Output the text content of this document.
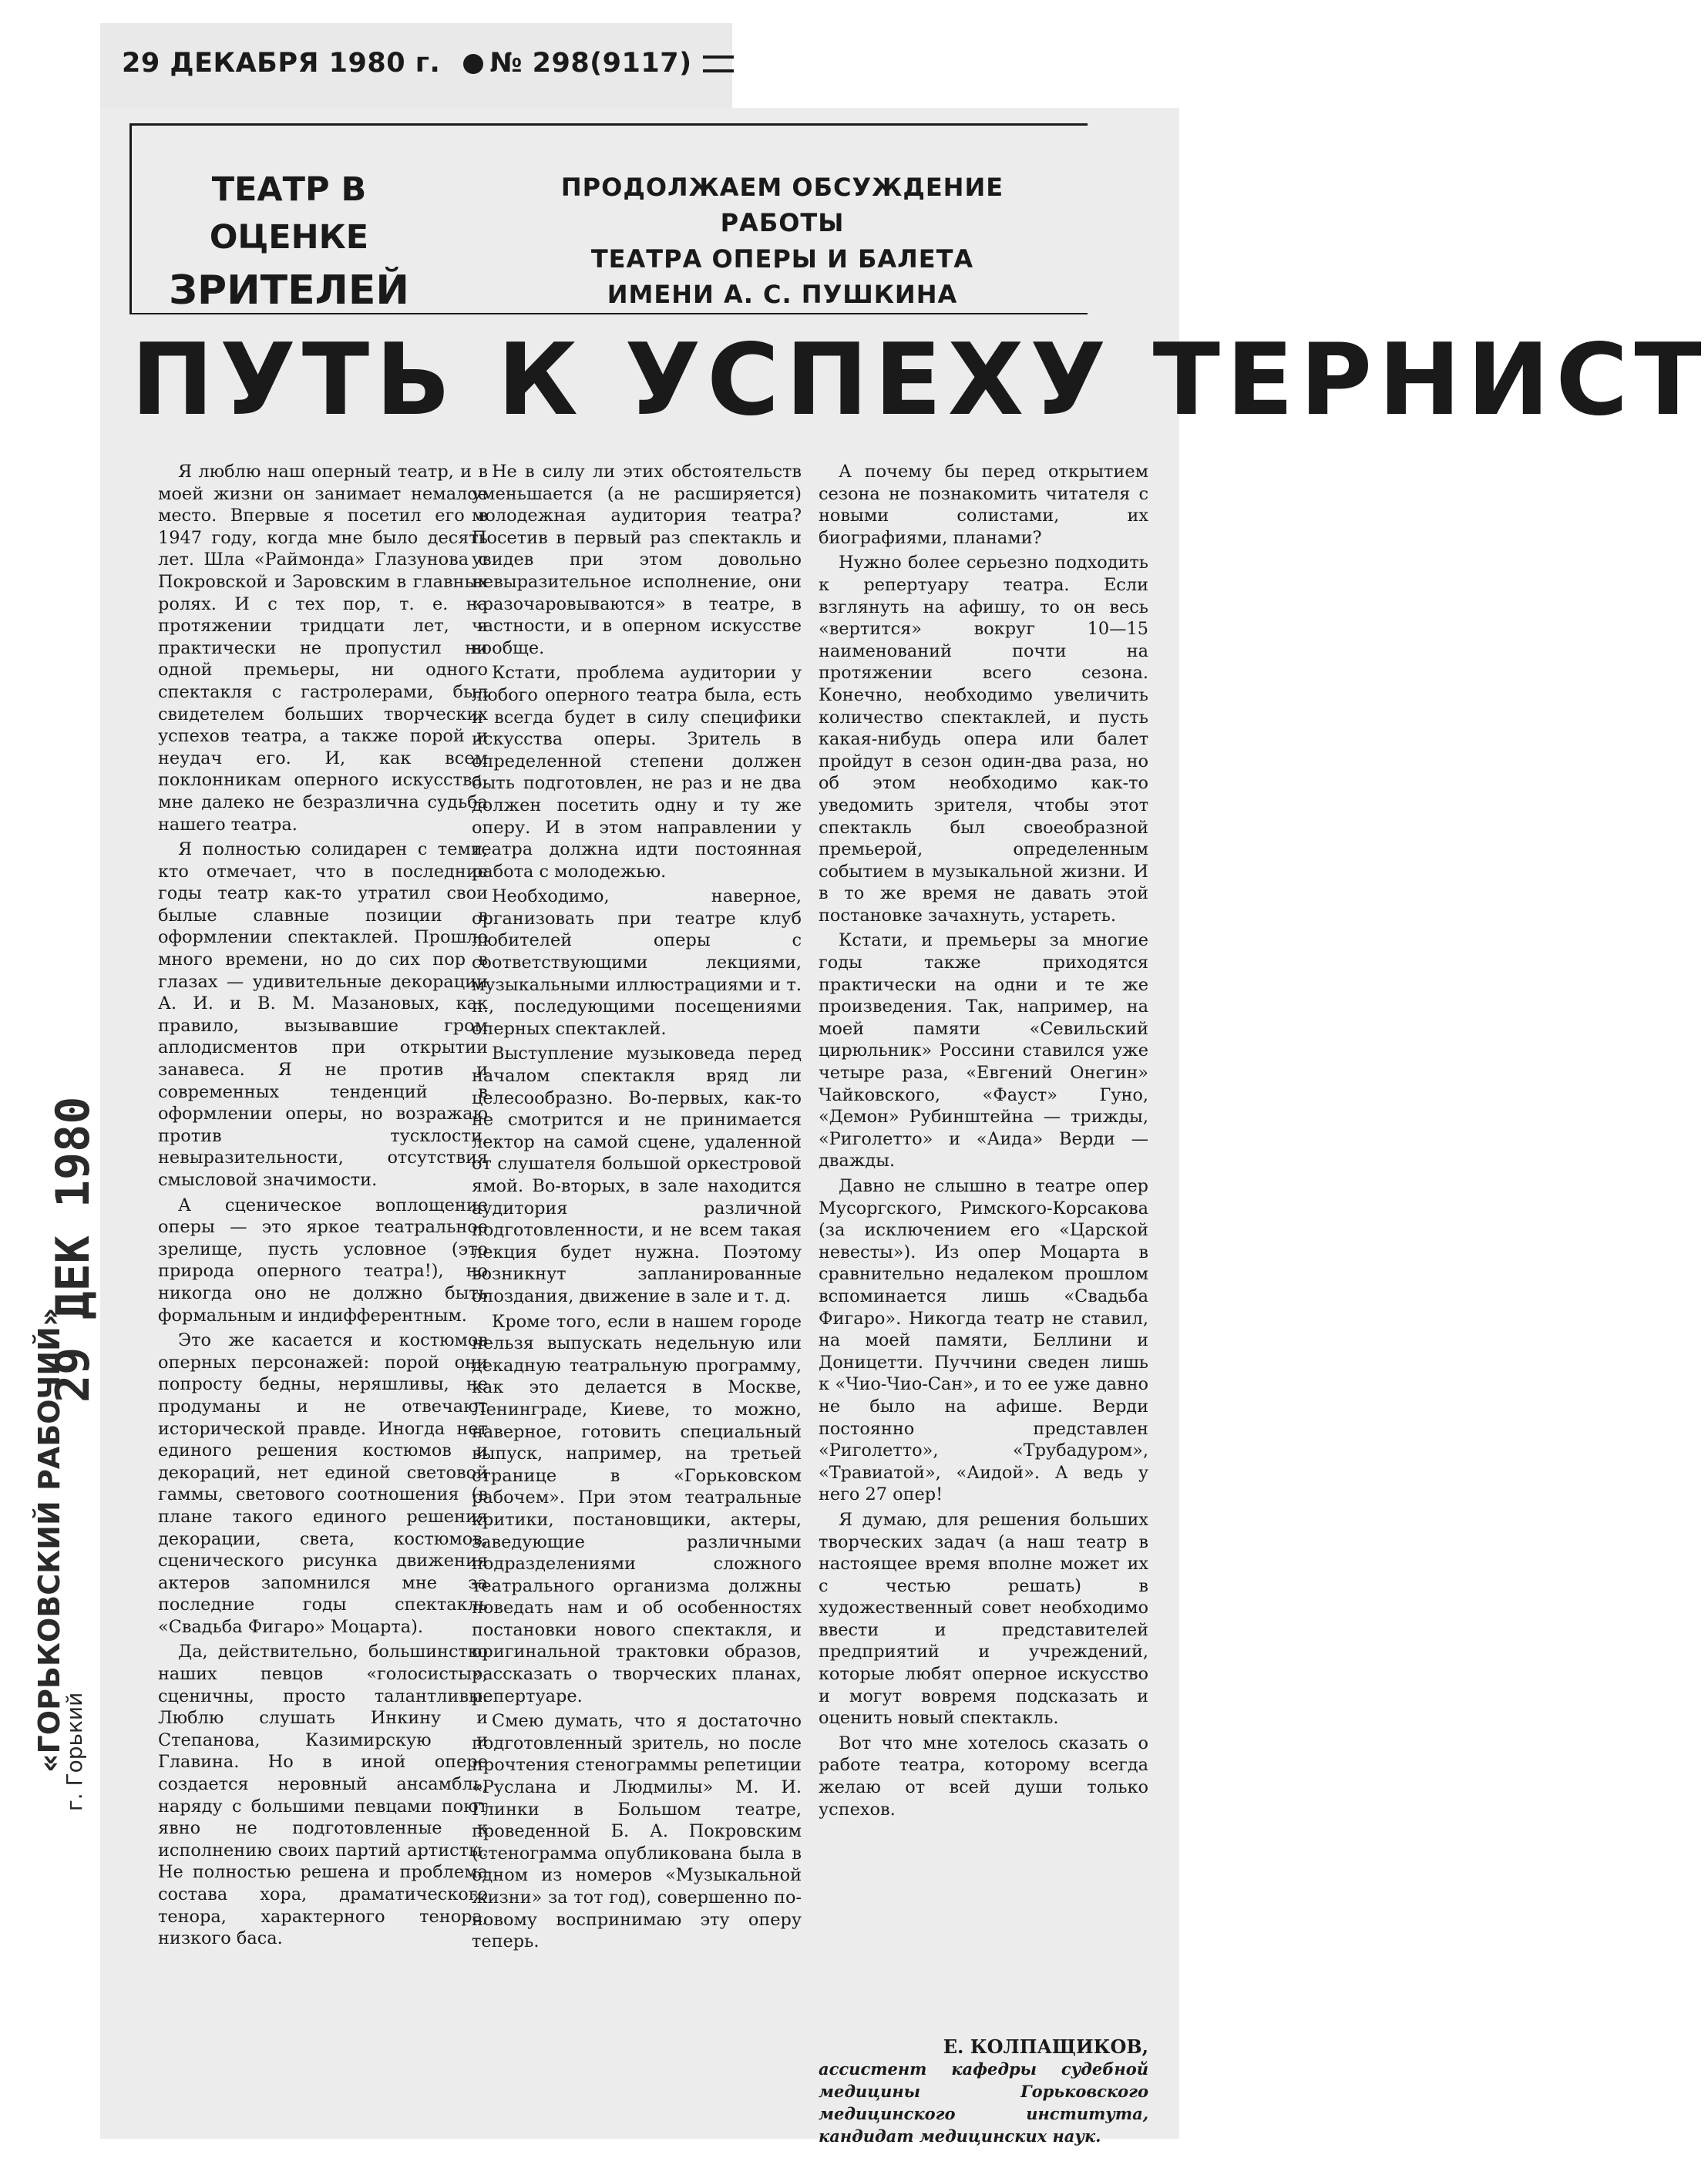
29 ДЕКАБРЯ 1980 г. № 298(9117)
ТЕАТР В ОЦЕНКЕ
ЗРИТЕЛЕЙ
ПРОДОЛЖАЕМ ОБСУЖДЕНИЕ РАБОТЫ
ТЕАТРА ОПЕРЫ И БАЛЕТА
ИМЕНИ А. С. ПУШКИНА
ПУТЬ К УСПЕХУ ТЕРНИСТ

Я люблю наш оперный театр, и в моей жизни он занимает немалое место. Впервые я посетил его в 1947 году, когда мне было десять лет. Шла «Раймонда» Глазунова с Покровской и Заровским в главных ролях. И с тех пор, т. е. на протяжении тридцати лет, я практически не пропустил ни одной премьеры, ни одного спектакля с гастролерами, был свидетелем больших творческих успехов театра, а также порой и неудач его. И, как всем поклонникам оперного искусства, мне далеко не безразлична судьба нашего театра.

Я полностью солидарен с теми, кто отмечает, что в последние годы театр как-то утратил свои былые славные позиции в оформлении спектаклей. Прошло много времени, но до сих пор в глазах — удивительные декорации А. И. и В. М. Мазановых, как правило, вызывавшие гром аплодисментов при открытии занавеса. Я не против и современных тенденций в оформлении оперы, но возражаю против тусклости, невыразительности, отсутствия смысловой значимости.

А сценическое воплощение оперы — это яркое театральное зрелище, пусть условное (это природа оперного театра!), но никогда оно не должно быть формальным и индифферентным.

Это же касается и костюмов оперных персонажей: порой они попросту бедны, неряшливы, не продуманы и не отвечают исторической правде. Иногда нет единого решения костюмов и декораций, нет единой световой гаммы, светового соотношения (в плане такого единого решения декорации, света, костюмов, сценического рисунка движения актеров запомнился мне за последние годы спектакль «Свадьба Фигаро» Моцарта).

Да, действительно, большинство наших певцов «голосисты», сценичны, просто талантливы. Люблю слушать Инкину и Степанова, Казимирскую и Главина. Но в иной опере создается неровный ансамбль, наряду с большими певцами поют явно не подготовленные к исполнению своих партий артисты. Не полностью решена и проблема состава хора, драматического тенора, характерного тенора, низкого баса.

Не в силу ли этих обстоятельств уменьшается (а не расширяется) молодежная аудитория театра? Посетив в первый раз спектакль и увидев при этом довольно невыразительное исполнение, они «разочаровываются» в театре, в частности, и в оперном искусстве вообще.

Кстати, проблема аудитории у любого оперного театра была, есть и всегда будет в силу специфики искусства оперы. Зритель в определенной степени должен быть подготовлен, не раз и не два должен посетить одну и ту же оперу. И в этом направлении у театра должна идти постоянная работа с молодежью.

Необходимо, наверное, организовать при театре клуб любителей оперы с соответствующими лекциями, музыкальными иллюстрациями и т. п., последующими посещениями оперных спектаклей.

Выступление музыковеда перед началом спектакля вряд ли целесообразно. Во-первых, как-то не смотрится и не принимается лектор на самой сцене, удаленной от слушателя большой оркестровой ямой. Во-вторых, в зале находится аудитория различной подготовленности, и не всем такая лекция будет нужна. Поэтому возникнут запланированные опоздания, движение в зале и т. д.

Кроме того, если в нашем городе нельзя выпускать недельную или декадную театральную программу, как это делается в Москве, Ленинграде, Киеве, то можно, наверное, готовить специальный выпуск, например, на третьей странице в «Горьковском рабочем». При этом театральные критики, постановщики, актеры, заведующие различными подразделениями сложного театрального организма должны поведать нам и об особенностях постановки нового спектакля, и оригинальной трактовки образов, рассказать о творческих планах, репертуаре.

Смею думать, что я достаточно подготовленный зритель, но после прочтения стенограммы репетиции «Руслана и Людмилы» М. И. Глинки в Большом театре, проведенной Б. А. Покровским (стенограмма опубликована была в одном из номеров «Музыкальной жизни» за тот год), совершенно по-новому воспринимаю эту оперу теперь.

А почему бы перед открытием сезона не познакомить читателя с новыми солистами, их биографиями, планами?

Нужно более серьезно подходить к репертуару театра. Если взглянуть на афишу, то он весь «вертится» вокруг 10—15 наименований почти на протяжении всего сезона. Конечно, необходимо увеличить количество спектаклей, и пусть какая-нибудь опера или балет пройдут в сезон один-два раза, но об этом необходимо как-то уведомить зрителя, чтобы этот спектакль был своеобразной премьерой, определенным событием в музыкальной жизни. И в то же время не давать этой постановке зачахнуть, устареть.

Кстати, и премьеры за многие годы также приходятся практически на одни и те же произведения. Так, например, на моей памяти «Севильский цирюльник» Россини ставился уже четыре раза, «Евгений Онегин» Чайковского, «Фауст» Гуно, «Демон» Рубинштейна — трижды, «Риголетто» и «Аида» Верди — дважды.

Давно не слышно в театре опер Мусоргского, Римского-Корсакова (за исключением его «Царской невесты»). Из опер Моцарта в сравнительно недалеком прошлом вспоминается лишь «Свадьба Фигаро». Никогда театр не ставил, на моей памяти, Беллини и Доницетти. Пуччини сведен лишь к «Чио-Чио-Сан», и то ее уже давно не было на афише. Верди постоянно представлен «Риголетто», «Трубадуром», «Травиатой», «Аидой». А ведь у него 27 опер!

Я думаю, для решения больших творческих задач (а наш театр в настоящее время вполне может их с честью решать) в художественный совет необходимо ввести и представителей предприятий и учреждений, которые любят оперное искусство и могут вовремя подсказать и оценить новый спектакль.

Вот что мне хотелось сказать о работе театра, которому всегда желаю от всей души только успехов.

Е. КОЛПАЩИКОВ,
ассистент кафедры судебной медицины Горьковского медицинского института, кандидат медицинских наук.
29 ДЕК 1980
«ГОРЬКОВСКИЙ РАБОЧИЙ»
г. Горький
